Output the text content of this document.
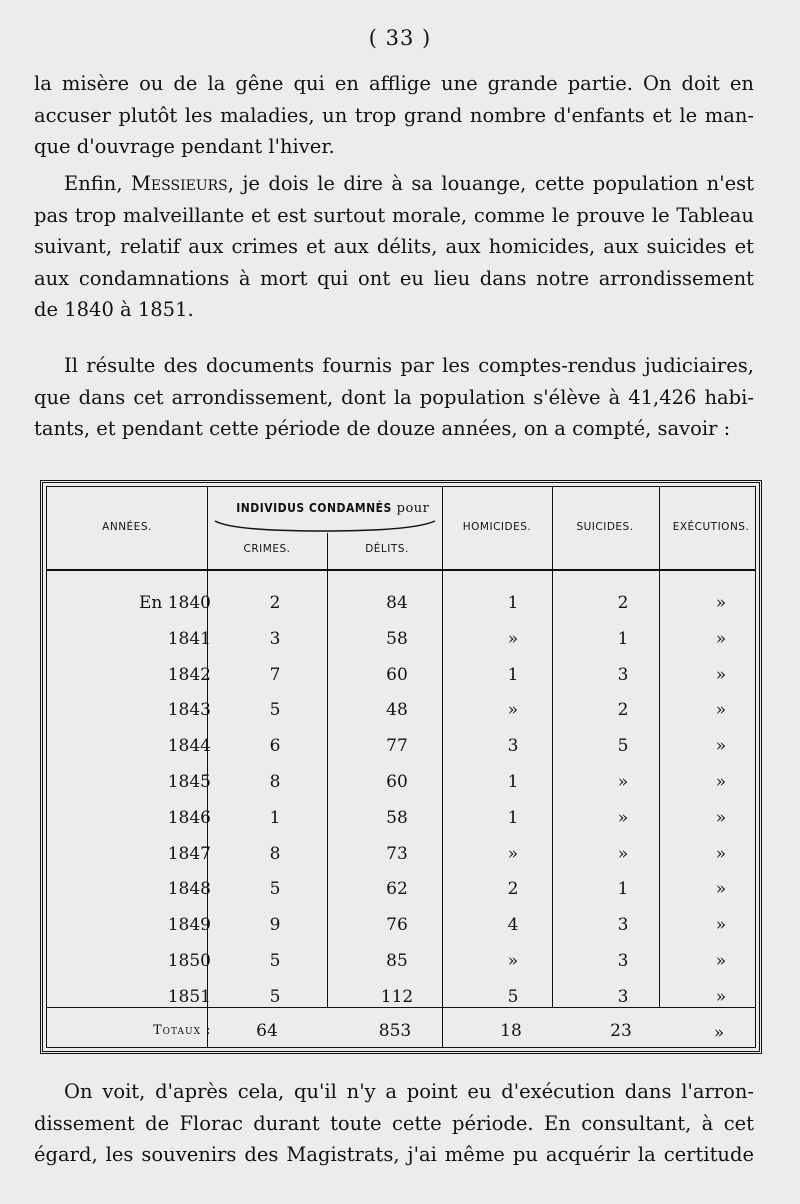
( 33 )
la misère ou de la gêne qui en afflige une grande partie. On doit en
accuser plutôt les maladies, un trop grand nombre d'enfants et le man-
que d'ouvrage pendant l'hiver.
Enfin, Messieurs, je dois le dire à sa louange, cette population n'est
pas trop malveillante et est surtout morale, comme le prouve le Tableau
suivant, relatif aux crimes et aux délits, aux homicides, aux suicides et
aux condamnations à mort qui ont eu lieu dans notre arrondissement
de 1840 à 1851.
Il résulte des documents fournis par les comptes-rendus judiciaires,
que dans cet arrondissement, dont la population s'élève à 41,426 habi-
tants, et pendant cette période de douze années, on a compté, savoir :
ANNÉES.
INDIVIDUS CONDAMNÉS pour
CRIMES.	DÉLITS.
HOMICIDES.	SUICIDES.	EXÉCUTIONS.
En 1840	2	84	1	2	»
1841	3	58	»	1	»
1842	7	60	1	3	»
1843	5	48	»	2	»
1844	6	77	3	5	»
1845	8	60	1	»	»
1846	1	58	1	»	»
1847	8	73	»	»	»
1848	5	62	2	1	»
1849	9	76	4	3	»
1850	5	85	»	3	»
1851	5	112	5	3	»
Totaux :	64	853	18	23	»
On voit, d'après cela, qu'il n'y a point eu d'exécution dans l'arron-
dissement de Florac durant toute cette période. En consultant, à cet
égard, les souvenirs des Magistrats, j'ai même pu acquérir la certitude
